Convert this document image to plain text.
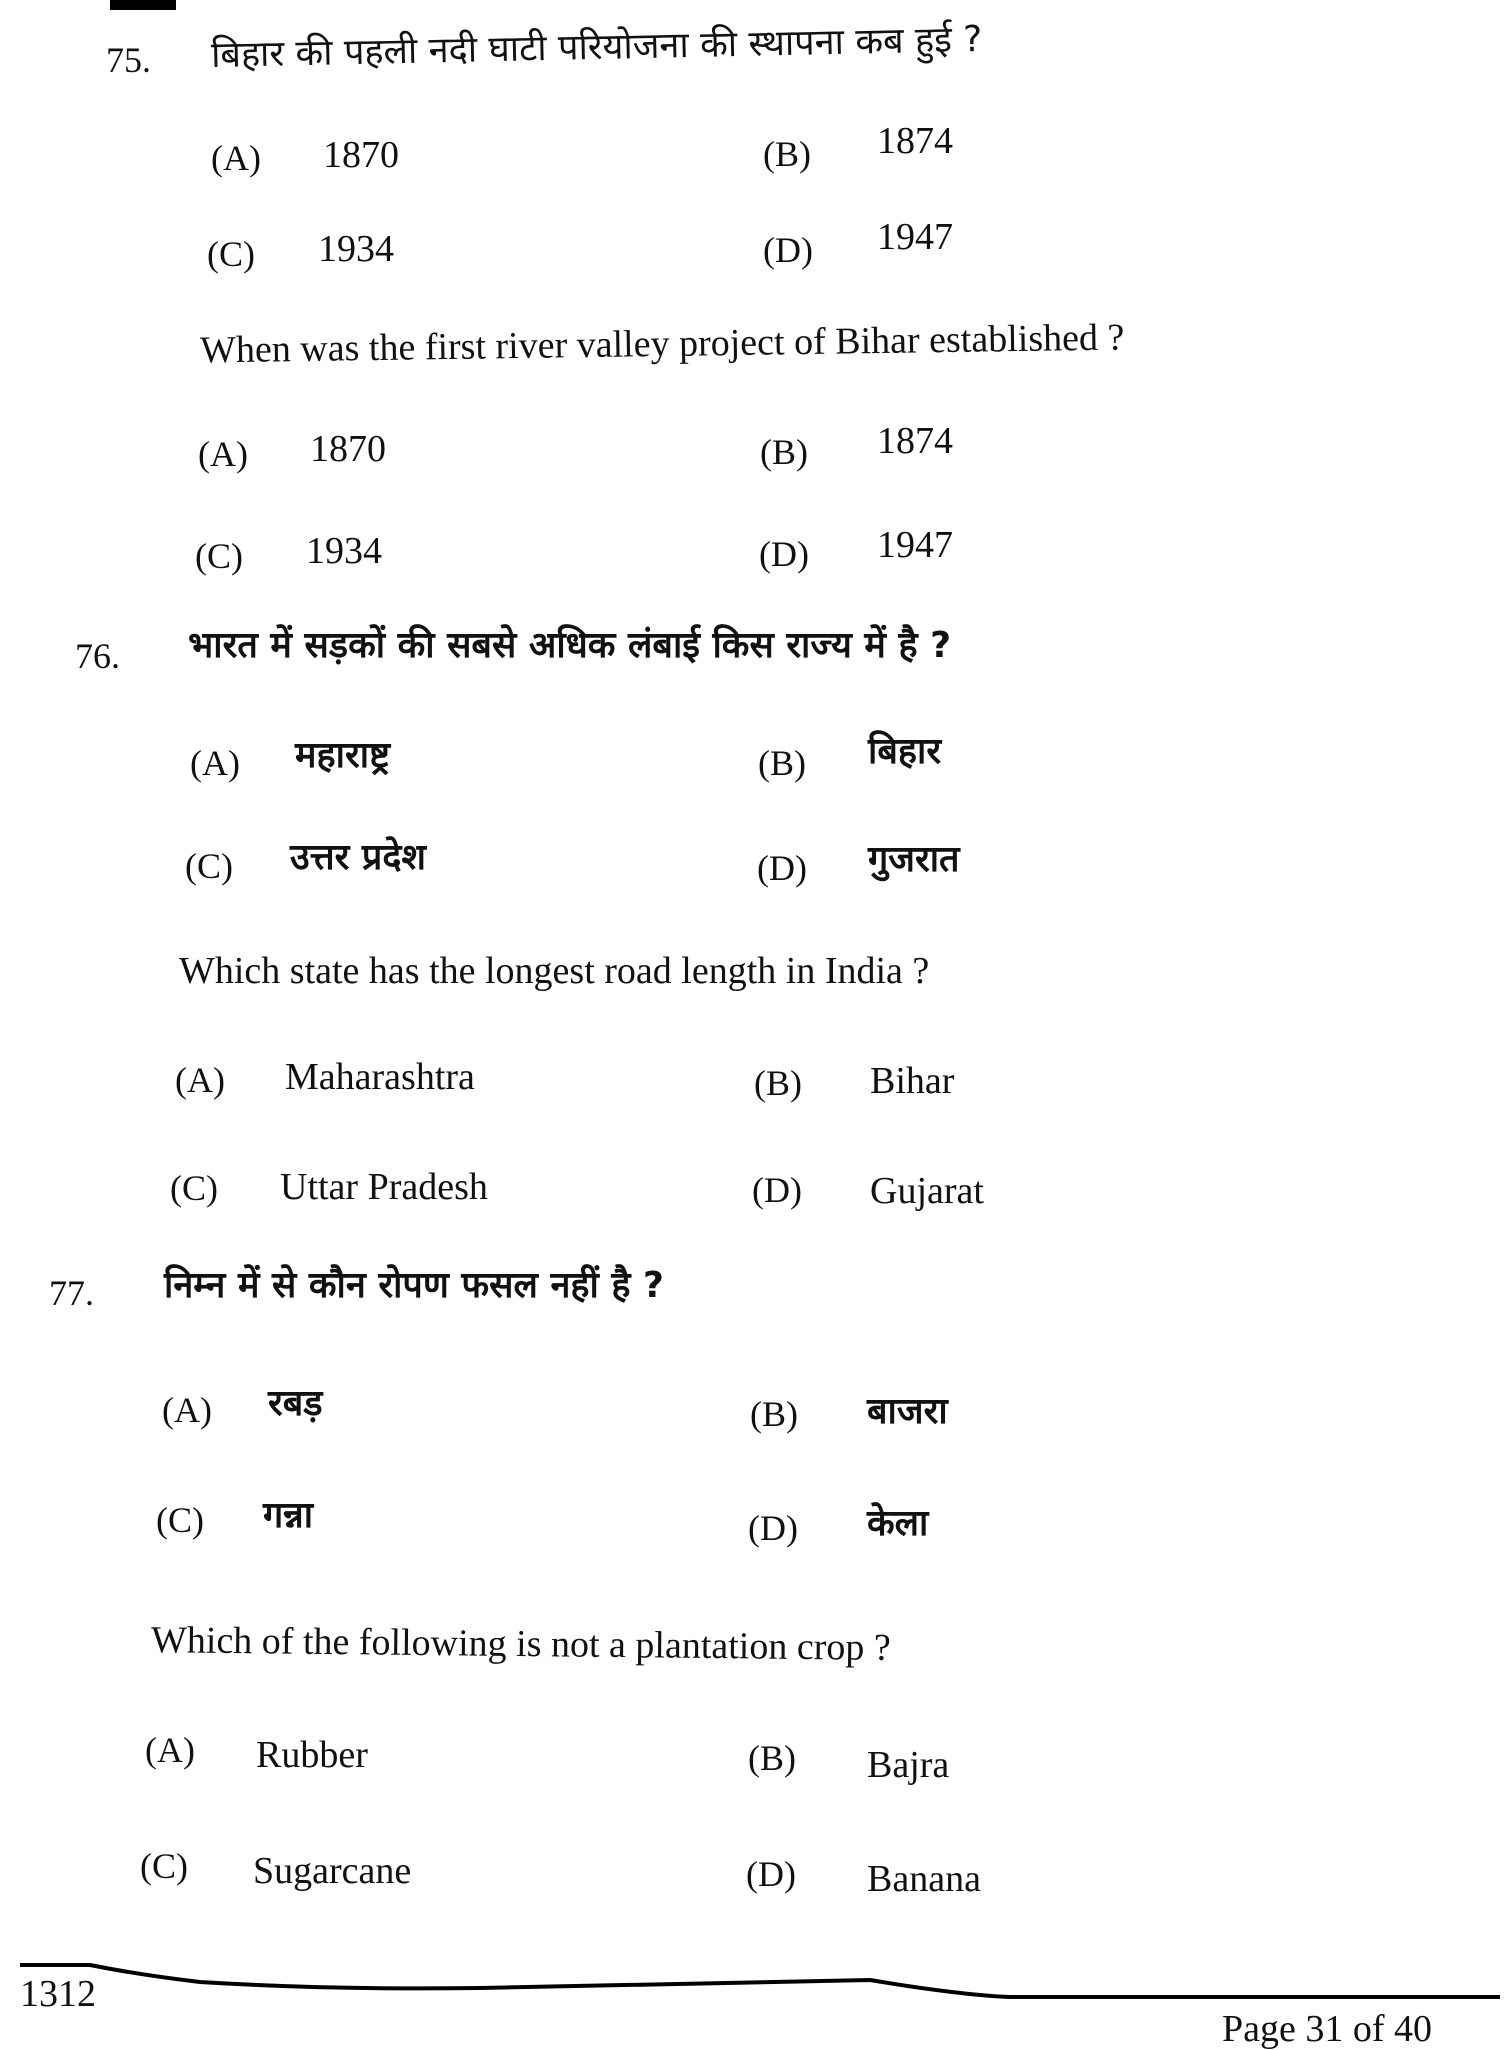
75. बिहार की पहली नदी घाटी परियोजना की स्थापना कब हुई ?
(A) 1870	(B) 1874
(C) 1934	(D) 1947
When was the first river valley project of Bihar established ?
(A) 1870	(B) 1874
(C) 1934	(D) 1947
76. भारत में सड़कों की सबसे अधिक लंबाई किस राज्य में है ?
(A) महाराष्ट्र	(B) बिहार
(C) उत्तर प्रदेश	(D) गुजरात
Which state has the longest road length in India ?
(A) Maharashtra	(B) Bihar
(C) Uttar Pradesh	(D) Gujarat
77. निम्न में से कौन रोपण फसल नहीं है ?
(A) रबड़	(B) बाजरा
(C) गन्ना	(D) केला
Which of the following is not a plantation crop ?
(A) Rubber	(B) Bajra
(C) Sugarcane	(D) Banana
1312
Page 31 of 40
